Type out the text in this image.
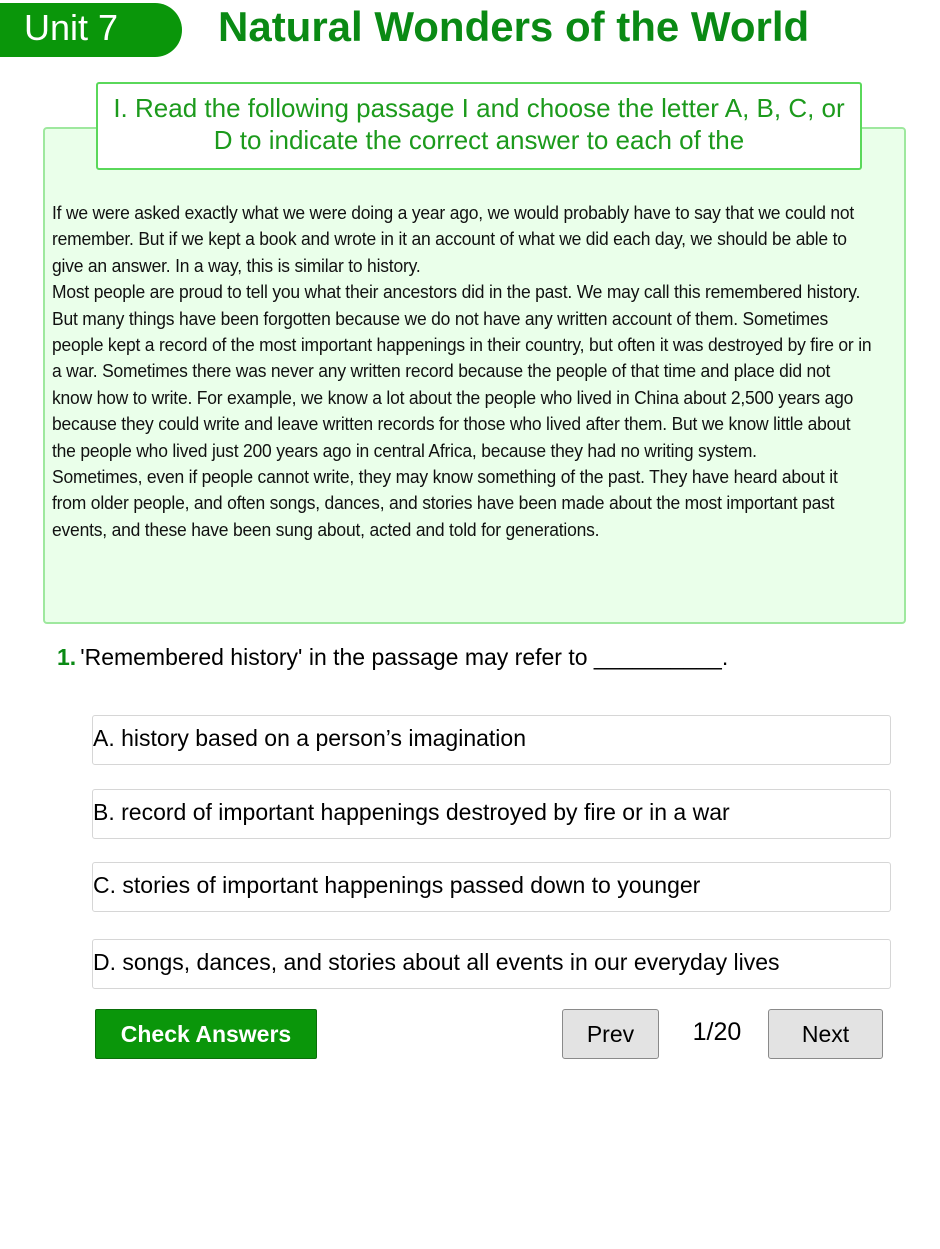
Unit 7	Natural Wonders of the World
I. Read the following passage I and choose the letter A, B, C, or D to indicate the correct answer to each of the

If we were asked exactly what we were doing a year ago, we would probably have to say that we could not remember. But if we kept a book and wrote in it an account of what we did each day, we should be able to give an answer. In a way, this is similar to history.

Most people are proud to tell you what their ancestors did in the past. We may call this remembered history. But many things have been forgotten because we do not have any written account of them. Sometimes people kept a record of the most important happenings in their country, but often it was destroyed by fire or in a war. Sometimes there was never any written record because the people of that time and place did not know how to write. For example, we know a lot about the people who lived in China about 2,500 years ago because they could write and leave written records for those who lived after them. But we know little about the people who lived just 200 years ago in central Africa, because they had no writing system.

Sometimes, even if people cannot write, they may know something of the past. They have heard about it from older people, and often songs, dances, and stories have been made about the most important past events, and these have been sung about, acted and told for generations.

1. 'Remembered history' in the passage may refer to __________.
A. history based on a person’s imagination
B. record of important happenings destroyed by fire or in a war
C. stories of important happenings passed down to younger
D. songs, dances, and stories about all events in our everyday lives
Check Answers	Prev	1/20	Next
